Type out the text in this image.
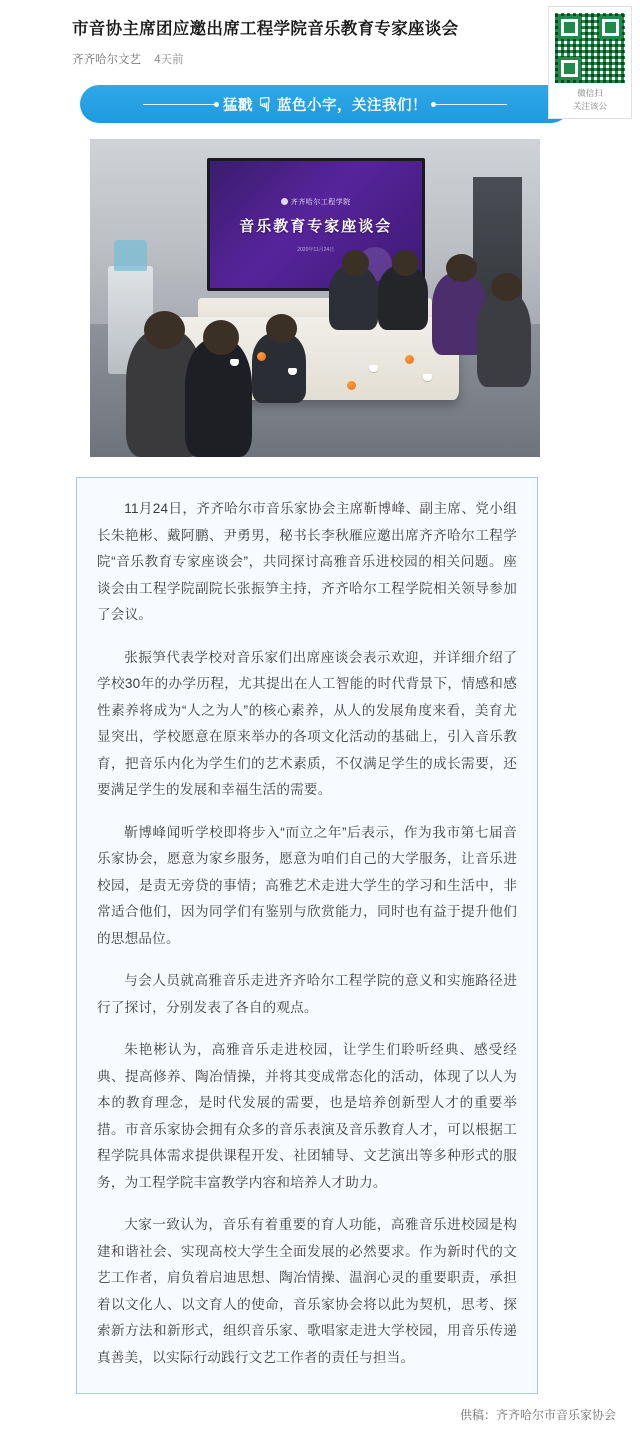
微信扫
关注该公
市音协主席团应邀出席工程学院音乐教育专家座谈会
齐齐哈尔文艺 4天前
猛戳 ☟ 蓝色小字，关注我们！
齐齐哈尔工程学院
音乐教育专家座谈会
2020年11月24日

11月24日，齐齐哈尔市音乐家协会主席靳博峰、副主席、党小组长朱艳彬、戴阿鹏、尹勇男，秘书长李秋雁应邀出席齐齐哈尔工程学院“音乐教育专家座谈会”，共同探讨高雅音乐进校园的相关问题。座谈会由工程学院副院长张振笋主持，齐齐哈尔工程学院相关领导参加了会议。

张振笋代表学校对音乐家们出席座谈会表示欢迎，并详细介绍了学校30年的办学历程，尤其提出在人工智能的时代背景下，情感和感性素养将成为“人之为人”的核心素养，从人的发展角度来看，美育尤显突出，学校愿意在原来举办的各项文化活动的基础上，引入音乐教育，把音乐内化为学生们的艺术素质，不仅满足学生的成长需要，还要满足学生的发展和幸福生活的需要。

靳博峰闻听学校即将步入“而立之年”后表示，作为我市第七届音乐家协会，愿意为家乡服务，愿意为咱们自己的大学服务，让音乐进校园，是责无旁贷的事情；高雅艺术走进大学生的学习和生活中，非常适合他们，因为同学们有鉴别与欣赏能力，同时也有益于提升他们的思想品位。

与会人员就高雅音乐走进齐齐哈尔工程学院的意义和实施路径进行了探讨，分别发表了各自的观点。

朱艳彬认为，高雅音乐走进校园，让学生们聆听经典、感受经典、提高修养、陶冶情操，并将其变成常态化的活动，体现了以人为本的教育理念，是时代发展的需要，也是培养创新型人才的重要举措。市音乐家协会拥有众多的音乐表演及音乐教育人才，可以根据工程学院具体需求提供课程开发、社团辅导、文艺演出等多种形式的服务，为工程学院丰富教学内容和培养人才助力。

大家一致认为，音乐有着重要的育人功能，高雅音乐进校园是构建和谐社会、实现高校大学生全面发展的必然要求。作为新时代的文艺工作者，肩负着启迪思想、陶冶情操、温润心灵的重要职责，承担着以文化人、以文育人的使命，音乐家协会将以此为契机，思考、探索新方法和新形式，组织音乐家、歌唱家走进大学校园，用音乐传递真善美，以实际行动践行文艺工作者的责任与担当。

供稿：齐齐哈尔市音乐家协会
